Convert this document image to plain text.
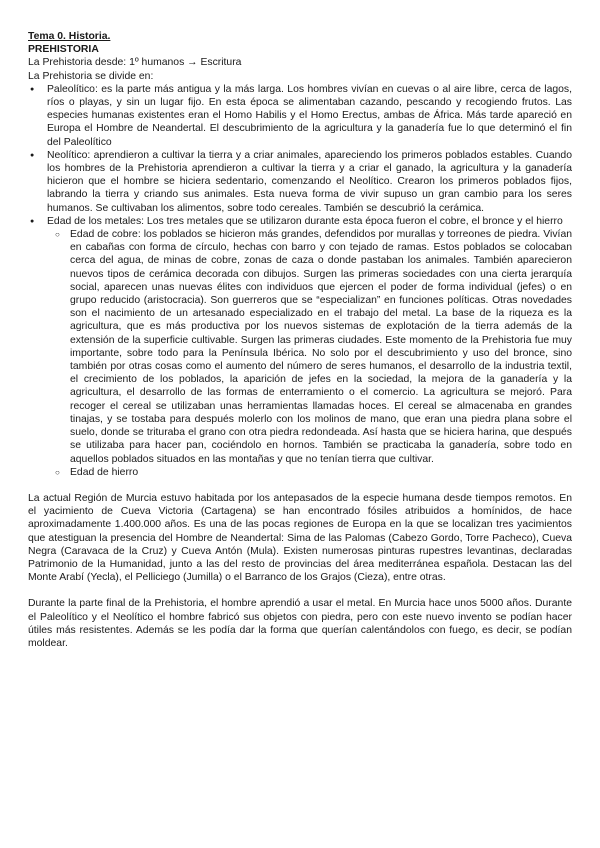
Tema 0. Historia.

PREHISTORIA

La Prehistoria desde: 1º humanos → Escritura

La Prehistoria se divide en:

● Paleolítico: es la parte más antigua y la más larga. Los hombres vivían en cuevas o al aire libre, cerca de lagos, ríos o playas, y sin un lugar fijo. En esta época se alimentaban cazando, pescando y recogiendo frutos. Las especies humanas existentes eran el Homo Habilis y el Homo Erectus, ambas de África. Más tarde apareció en Europa el Hombre de Neandertal. El descubrimiento de la agricultura y la ganadería fue lo que determinó el fin del Paleolítico
● Neolítico: aprendieron a cultivar la tierra y a criar animales, apareciendo los primeros poblados estables. Cuando los hombres de la Prehistoria aprendieron a cultivar la tierra y a criar el ganado, la agricultura y la ganadería hicieron que el hombre se hiciera sedentario, comenzando el Neolítico. Crearon los primeros poblados fijos, labrando la tierra y criando sus animales. Esta nueva forma de vivir supuso un gran cambio para los seres humanos. Se cultivaban los alimentos, sobre todo cereales. También se descubrió la cerámica.
● Edad de los metales: Los tres metales que se utilizaron durante esta época fueron el cobre, el bronce y el hierro
○ Edad de cobre: los poblados se hicieron más grandes, defendidos por murallas y torreones de piedra. Vivían en cabañas con forma de círculo, hechas con barro y con tejado de ramas. Estos poblados se colocaban cerca del agua, de minas de cobre, zonas de caza o donde pastaban los animales. También aparecieron nuevos tipos de cerámica decorada con dibujos. Surgen las primeras sociedades con una cierta jerarquía social, aparecen unas nuevas élites con individuos que ejercen el poder de forma individual (jefes) o en grupo reducido (aristocracia). Son guerreros que se “especializan” en funciones políticas. Otras novedades son el nacimiento de un artesanado especializado en el trabajo del metal. La base de la riqueza es la agricultura, que es más productiva por los nuevos sistemas de explotación de la tierra además de la extensión de la superficie cultivable. Surgen las primeras ciudades. Este momento de la Prehistoria fue muy importante, sobre todo para la Península Ibérica. No solo por el descubrimiento y uso del bronce, sino también por otras cosas como el aumento del número de seres humanos, el desarrollo de la industria textil, el crecimiento de los poblados, la aparición de jefes en la sociedad, la mejora de la ganadería y la agricultura, el desarrollo de las formas de enterramiento o el comercio. La agricultura se mejoró. Para recoger el cereal se utilizaban unas herramientas llamadas hoces. El cereal se almacenaba en grandes tinajas, y se tostaba para después molerlo con los molinos de mano, que eran una piedra plana sobre el suelo, donde se trituraba el grano con otra piedra redondeada. Así hasta que se hiciera harina, que después se utilizaba para hacer pan, cociéndolo en hornos. También se practicaba la ganadería, sobre todo en aquellos poblados situados en las montañas y que no tenían tierra que cultivar.
○ Edad de hierro

La actual Región de Murcia estuvo habitada por los antepasados de la especie humana desde tiempos remotos. En el yacimiento de Cueva Victoria (Cartagena) se han encontrado fósiles atribuidos a homínidos, de hace aproximadamente 1.400.000 años. Es una de las pocas regiones de Europa en la que se localizan tres yacimientos que atestiguan la presencia del Hombre de Neandertal: Sima de las Palomas (Cabezo Gordo, Torre Pacheco), Cueva Negra (Caravaca de la Cruz) y Cueva Antón (Mula). Existen numerosas pinturas rupestres levantinas, declaradas Patrimonio de la Humanidad, junto a las del resto de provincias del área mediterránea española. Destacan las del Monte Arabí (Yecla), el Pelliciego (Jumilla) o el Barranco de los Grajos (Cieza), entre otras.

Durante la parte final de la Prehistoria, el hombre aprendió a usar el metal. En Murcia hace unos 5000 años. Durante el Paleolítico y el Neolítico el hombre fabricó sus objetos con piedra, pero con este nuevo invento se podían hacer útiles más resistentes. Además se les podía dar la forma que querían calentándolos con fuego, es decir, se podían moldear.
